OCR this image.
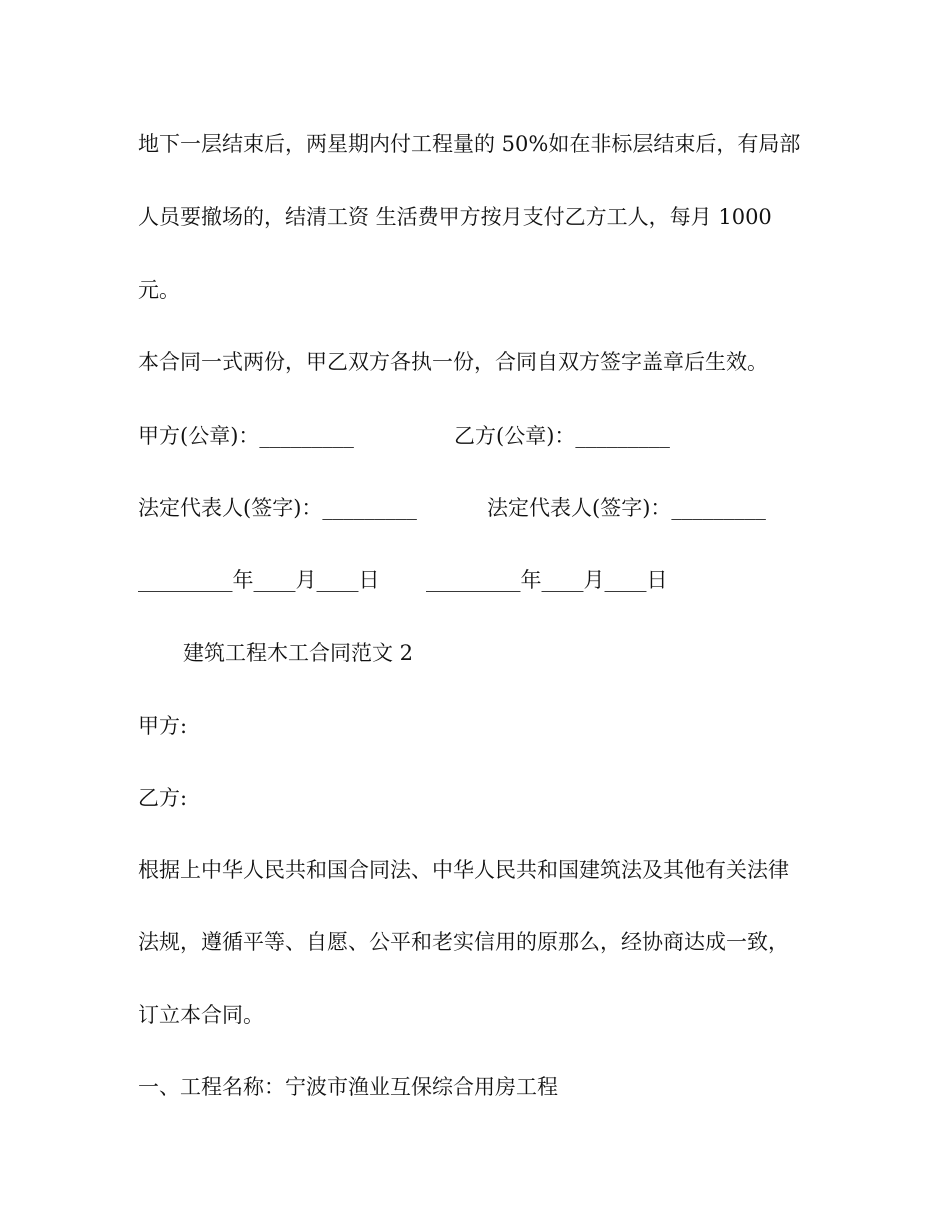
地下一层结束后，两星期内付工程量的 50%如在非标层结束后，有局部
人员要撤场的，结清工资 生活费甲方按月支付乙方工人，每月 1000
元。
本合同一式两份，甲乙双方各执一份，合同自双方签字盖章后生效。
甲方(公章)：_________	乙方(公章)：_________
法定代表人(签字)：_________	法定代表人(签字)：_________
_________年____月____日 _________年____月____日
建筑工程木工合同范文 2
甲方:
乙方:
根据上中华人民共和国合同法、中华人民共和国建筑法及其他有关法律
法规，遵循平等、自愿、公平和老实信用的原那么，经协商达成一致，
订立本合同。
一、工程名称：宁波市渔业互保综合用房工程
